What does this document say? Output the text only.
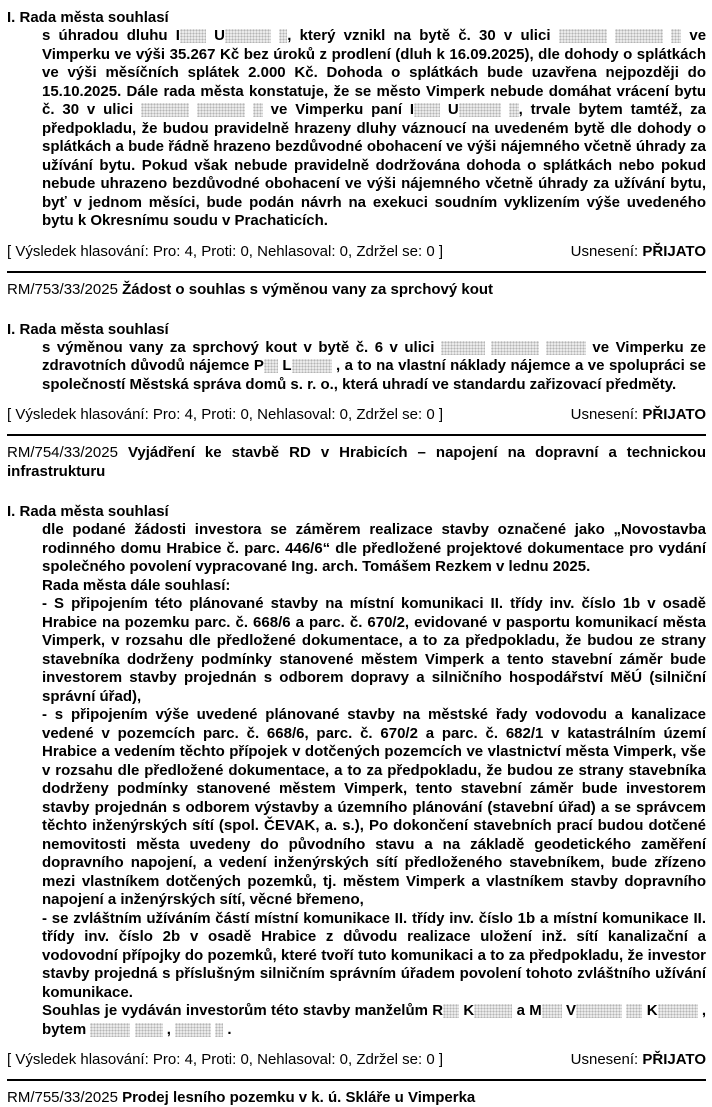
I. Rada města souhlasí
s úhradou dluhu I U	, který vznikl na bytě č. 30 v ulici	ve Vimperku ve výši 35.267 Kč bez úroků z prodlení (dluh k 16.09.2025), dle dohody o splátkách ve výši měsíčních splátek 2.000 Kč. Dohoda o splátkách bude uzavřena nejpozději do 15.10.2025. Dále rada města konstatuje, že se město Vimperk nebude domáhat vrácení bytu č. 30 v ulici	ve Vimperku paní I U	, trvale bytem tamtéž, za předpokladu, že budou pravidelně hrazeny dluhy váznoucí na uvedeném bytě dle dohody o splátkách a bude řádně hrazeno bezdůvodné obohacení ve výši nájemného včetně úhrady za užívání bytu. Pokud však nebude pravidelně dodržována dohoda o splátkách nebo pokud nebude uhrazeno bezdůvodné obohacení ve výši nájemného včetně úhrady za užívání bytu, byť v jednom měsíci, bude podán návrh na exekuci soudním vyklizením výše uvedeného bytu k Okresnímu soudu v Prachaticích.
[ Výsledek hlasování: Pro: 4, Proti: 0, Nehlasoval: 0, Zdržel se: 0 ]	Usnesení: PŘIJATO
RM/753/33/2025 Žádost o souhlas s výměnou vany za sprchový kout
I. Rada města souhlasí
s výměnou vany za sprchový kout v bytě č. 6 v ulici	ve Vimperku ze zdravotních důvodů nájemce P L	, a to na vlastní náklady nájemce a ve spolupráci se společností Městská správa domů s. r. o., která uhradí ve standardu zařizovací předměty.
[ Výsledek hlasování: Pro: 4, Proti: 0, Nehlasoval: 0, Zdržel se: 0 ]	Usnesení: PŘIJATO
RM/754/33/2025 Vyjádření ke stavbě RD v Hrabicích – napojení na dopravní a technickou infrastrukturu
I. Rada města souhlasí
dle podané žádosti investora se záměrem realizace stavby označené jako „Novostavba rodinného domu Hrabice č. parc. 446/6“ dle předložené projektové dokumentace pro vydání společného povolení vypracované Ing. arch. Tomášem Rezkem v lednu 2025.
Rada města dále souhlasí:
- S připojením této plánované stavby na místní komunikaci II. třídy inv. číslo 1b v osadě Hrabice na pozemku parc. č. 668/6 a parc. č. 670/2, evidované v pasportu komunikací města Vimperk, v rozsahu dle předložené dokumentace, a to za předpokladu, že budou ze strany stavebníka dodrženy podmínky stanovené městem Vimperk a tento stavební záměr bude investorem stavby projednán s odborem dopravy a silničního hospodářství MěÚ (silniční správní úřad),
- s připojením výše uvedené plánované stavby na městské řady vodovodu a kanalizace vedené v pozemcích parc. č. 668/6, parc. č. 670/2 a parc. č. 682/1 v katastrálním území Hrabice a vedením těchto přípojek v dotčených pozemcích ve vlastnictví města Vimperk, vše v rozsahu dle předložené dokumentace, a to za předpokladu, že budou ze strany stavebníka dodrženy podmínky stanovené městem Vimperk, tento stavební záměr bude investorem stavby projednán s odborem výstavby a územního plánování (stavební úřad) a se správcem těchto inženýrských sítí (spol. ČEVAK, a. s.), Po dokončení stavebních prací budou dotčené nemovitosti města uvedeny do původního stavu a na základě geodetického zaměření dopravního napojení, a vedení inženýrských sítí předloženého stavebníkem, bude zřízeno mezi vlastníkem dotčených pozemků, tj. městem Vimperk a vlastníkem stavby dopravního napojení a inženýrských sítí, věcné břemeno,
- se zvláštním užíváním částí místní komunikace II. třídy inv. číslo 1b a místní komunikace II. třídy inv. číslo 2b v osadě Hrabice z důvodu realizace uložení inž. sítí kanalizační a vodovodní přípojky do pozemků, které tvoří tuto komunikaci a to za předpokladu, že investor stavby projedná s příslušným silničním správním úřadem povolení tohoto zvláštního užívání komunikace.
Souhlas je vydáván investorům této stavby manželům R K	a M V	K	, bytem	,	.
[ Výsledek hlasování: Pro: 4, Proti: 0, Nehlasoval: 0, Zdržel se: 0 ]	Usnesení: PŘIJATO
RM/755/33/2025 Prodej lesního pozemku v k. ú. Skláře u Vimperka
